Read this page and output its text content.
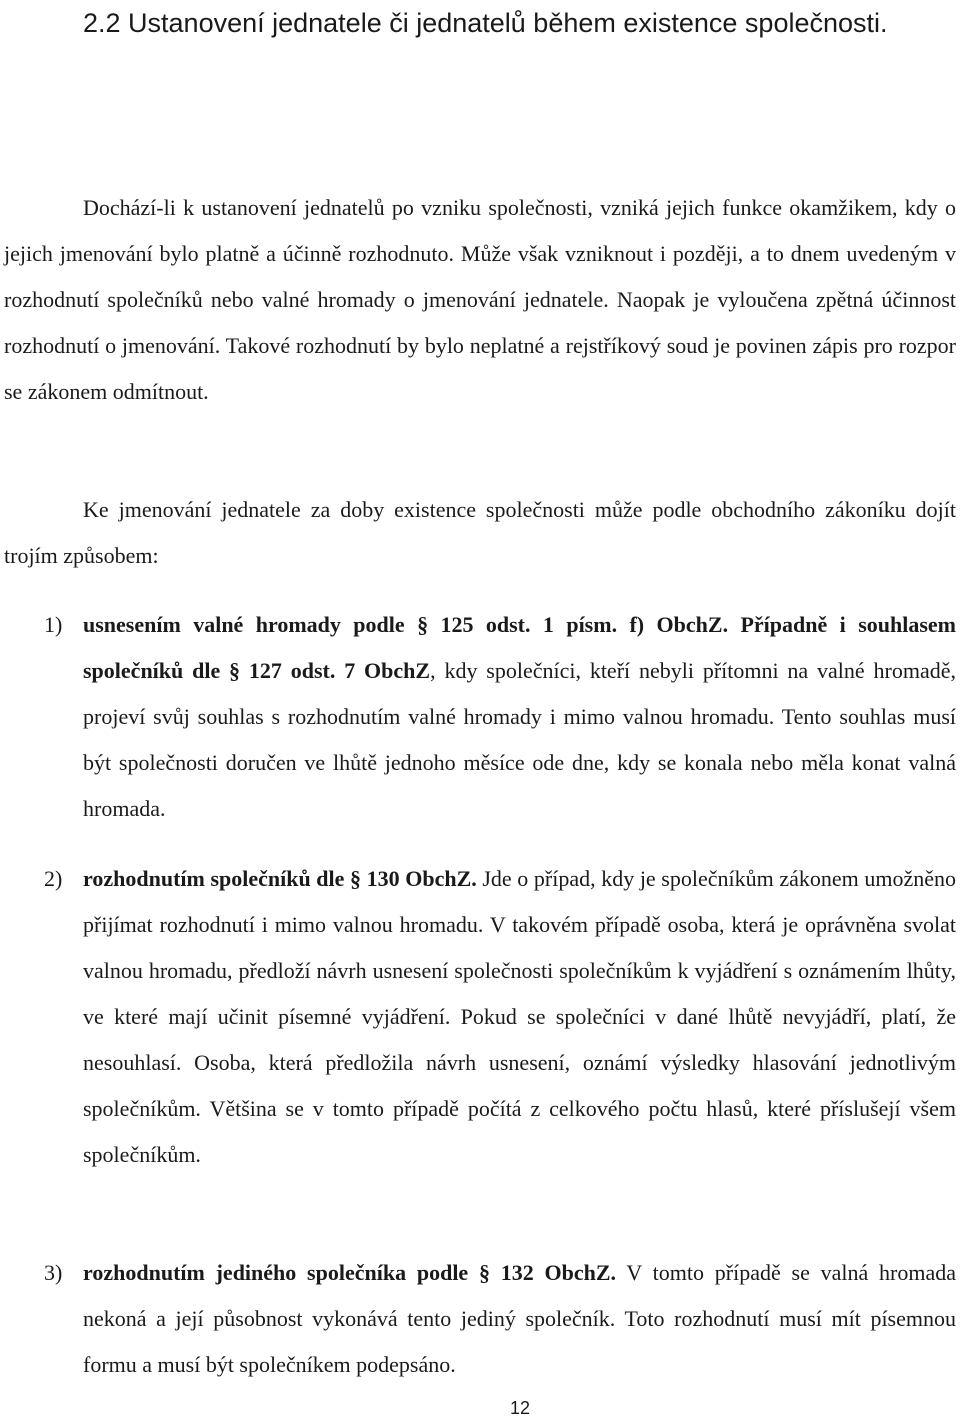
2.2 Ustanovení jednatele či jednatelů během existence společnosti.

Dochází-li k ustanovení jednatelů po vzniku společnosti, vzniká jejich funkce okamžikem, kdy o jejich jmenování bylo platně a účinně rozhodnuto. Může však vzniknout i později, a to dnem uvedeným v rozhodnutí společníků nebo valné hromady o jmenování jednatele. Naopak je vyloučena zpětná účinnost rozhodnutí o jmenování. Takové rozhodnutí by bylo neplatné a rejstříkový soud je povinen zápis pro rozpor se zákonem odmítnout.

Ke jmenování jednatele za doby existence společnosti může podle obchodního zákoníku dojít trojím způsobem:

1) usnesením valné hromady podle § 125 odst. 1 písm. f) ObchZ. Případně i souhlasem společníků dle § 127 odst. 7 ObchZ, kdy společníci, kteří nebyli přítomni na valné hromadě, projeví svůj souhlas s rozhodnutím valné hromady i mimo valnou hromadu. Tento souhlas musí být společnosti doručen ve lhůtě jednoho měsíce ode dne, kdy se konala nebo měla konat valná hromada.
2) rozhodnutím společníků dle § 130 ObchZ. Jde o případ, kdy je společníkům zákonem umožněno přijímat rozhodnutí i mimo valnou hromadu. V takovém případě osoba, která je oprávněna svolat valnou hromadu, předloží návrh usnesení společnosti společníkům k vyjádření s oznámením lhůty, ve které mají učinit písemné vyjádření. Pokud se společníci v dané lhůtě nevyjádří, platí, že nesouhlasí. Osoba, která předložila návrh usnesení, oznámí výsledky hlasování jednotlivým společníkům. Většina se v tomto případě počítá z celkového počtu hlasů, které příslušejí všem společníkům.
3) rozhodnutím jediného společníka podle § 132 ObchZ. V tomto případě se valná hromada nekoná a její působnost vykonává tento jediný společník. Toto rozhodnutí musí mít písemnou formu a musí být společníkem podepsáno.
12
